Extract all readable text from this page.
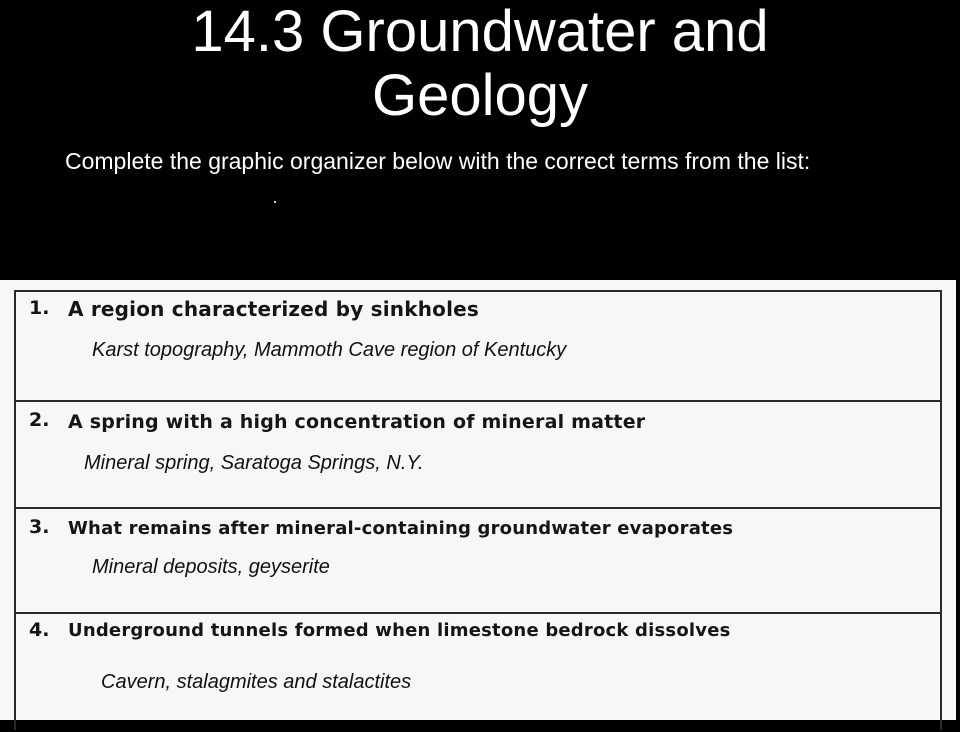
14.3 Groundwater and
Geology
Complete the graphic organizer below with the correct terms from the list:
1. A region characterized by sinkholes
Karst topography, Mammoth Cave region of Kentucky
2. A spring with a high concentration of mineral matter
Mineral spring, Saratoga Springs, N.Y.
3. What remains after mineral-containing groundwater evaporates
Mineral deposits, geyserite
4. Underground tunnels formed when limestone bedrock dissolves
Cavern, stalagmites and stalactites
